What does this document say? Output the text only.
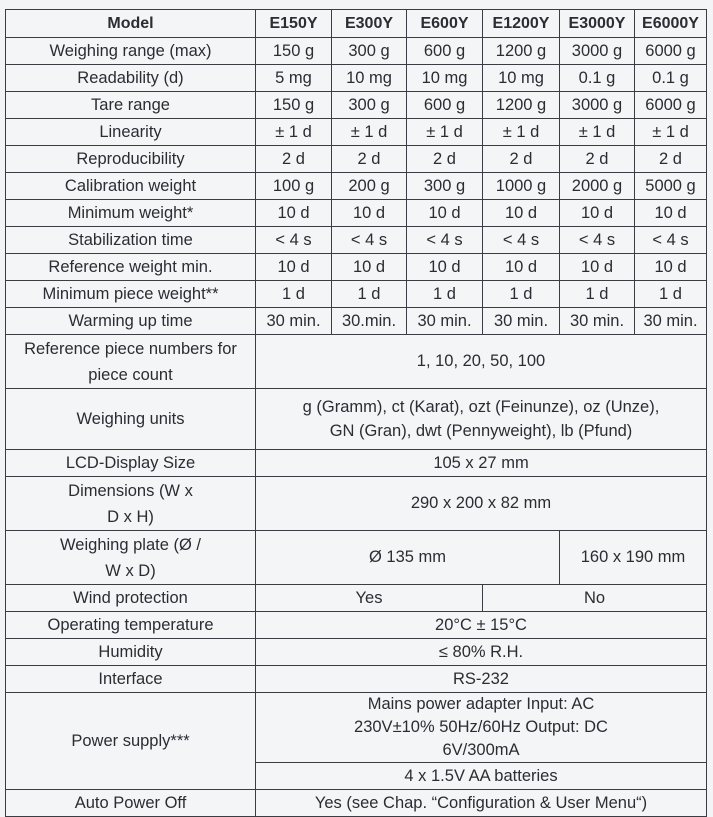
Model	E150Y	E300Y	E600Y	E1200Y	E3000Y	E6000Y
Weighing range (max)	150 g	300 g	600 g	1200 g	3000 g	6000 g
Readability (d)	5 mg	10 mg	10 mg	10 mg	0.1 g	0.1 g
Tare range	150 g	300 g	600 g	1200 g	3000 g	6000 g
Linearity	± 1 d	± 1 d	± 1 d	± 1 d	± 1 d	± 1 d
Reproducibility	2 d	2 d	2 d	2 d	2 d	2 d
Calibration weight	100 g	200 g	300 g	1000 g	2000 g	5000 g
Minimum weight*	10 d	10 d	10 d	10 d	10 d	10 d
Stabilization time	< 4 s	< 4 s	< 4 s	< 4 s	< 4 s	< 4 s
Reference weight min.	10 d	10 d	10 d	10 d	10 d	10 d
Minimum piece weight**	1 d	1 d	1 d	1 d	1 d	1 d
Warming up time	30 min.	30.min.	30 min.	30 min.	30 min.	30 min.
Reference piece numbers for piece count	1, 10, 20, 50, 100					
Weighing units	g (Gramm), ct (Karat), ozt (Feinunze), oz (Unze), GN (Gran), dwt (Pennyweight), lb (Pfund)					
LCD-Display Size	105 x 27 mm					
Dimensions (W x D x H)	290 x 200 x 82 mm					
Weighing plate (Ø / W x D)	Ø 135 mm				160 x 190 mm	
Wind protection	Yes			No		
Operating temperature	20°C ± 15°C					
Humidity	≤ 80% R.H.					
Interface	RS-232					
Power supply***	Mains power adapter Input: AC 230V±10% 50Hz/60Hz Output: DC 6V/300mA					
	4 x 1.5V AA batteries					
Auto Power Off	Yes (see Chap. “Configuration & User Menu“)					
